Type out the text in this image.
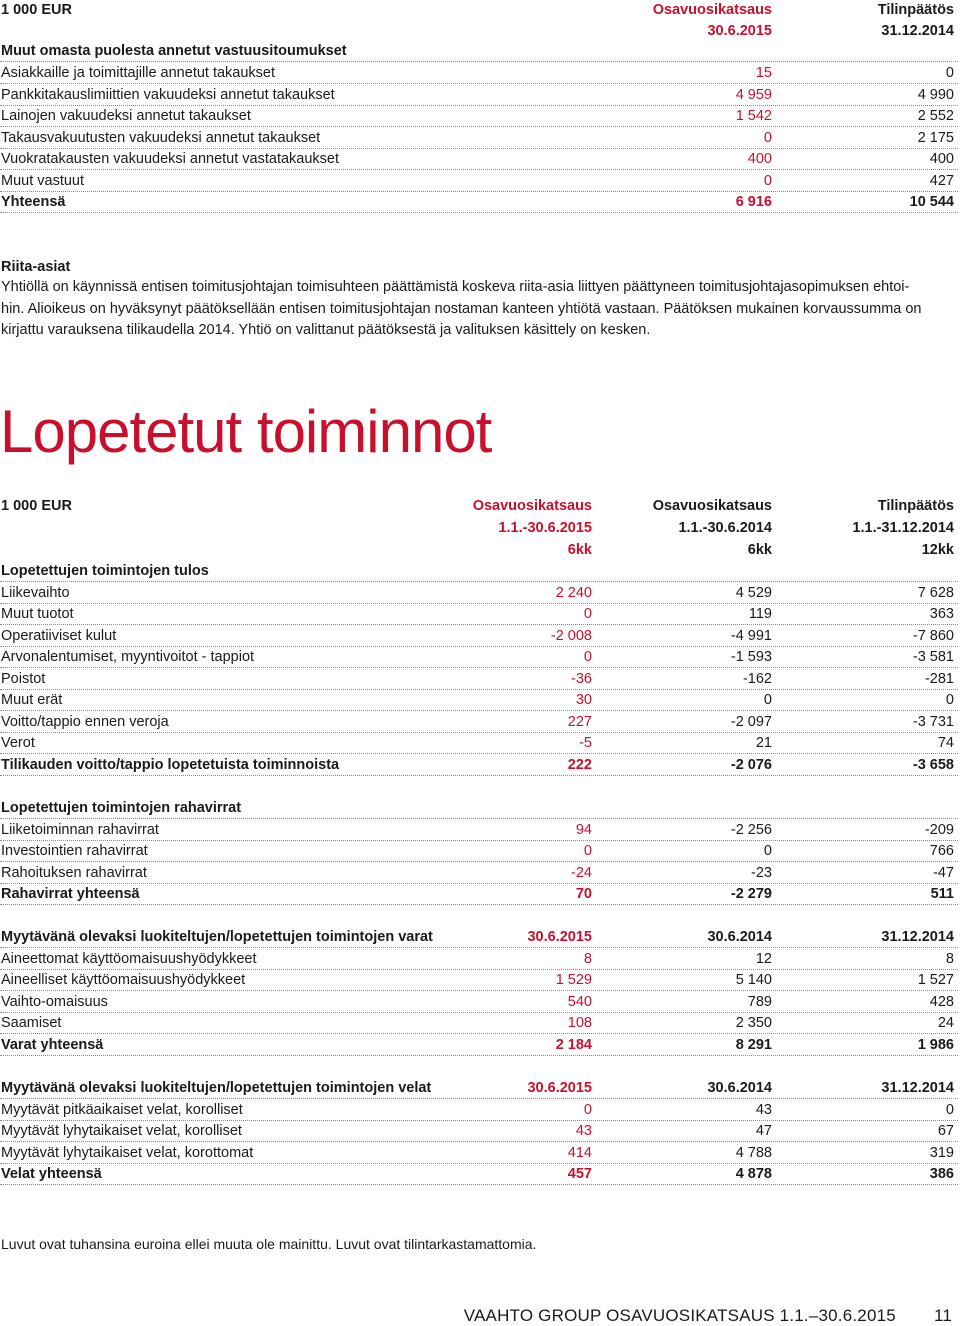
1 000 EUR	Osavuosikatsaus	Tilinpäätös
30.6.2015	31.12.2014
Muut omasta puolesta annetut vastuusitoumukset
Asiakkaille ja toimittajille annetut takaukset	15	0
Pankkitakauslimiittien vakuudeksi annetut takaukset	4 959	4 990
Lainojen vakuudeksi annetut takaukset	1 542	2 552
Takausvakuutusten vakuudeksi annetut takaukset	0	2 175
Vuokratakausten vakuudeksi annetut vastatakaukset	400	400
Muut vastuut	0	427
Yhteensä	6 916	10 544
Riita-asiat
Yhtiöllä on käynnissä entisen toimitusjohtajan toimisuhteen päättämistä koskeva riita-asia liittyen päättyneen toimitusjohtajasopimuksen ehtoi-
hin. Alioikeus on hyväksynyt päätöksellään entisen toimitusjohtajan nostaman kanteen yhtiötä vastaan. Päätöksen mukainen korvaussumma on
kirjattu varauksena tilikaudella 2014. Yhtiö on valittanut päätöksestä ja valituksen käsittely on kesken.
Lopetetut toiminnot
1 000 EUR	Osavuosikatsaus	Osavuosikatsaus	Tilinpäätös
1.1.-30.6.2015	1.1.-30.6.2014	1.1.-31.12.2014
6kk	6kk	12kk
Lopetettujen toimintojen tulos
Liikevaihto	2 240	4 529	7 628
Muut tuotot	0	119	363
Operatiiviset kulut	-2 008	-4 991	-7 860
Arvonalentumiset, myyntivoitot - tappiot	0	-1 593	-3 581
Poistot	-36	-162	-281
Muut erät	30	0	0
Voitto/tappio ennen veroja	227	-2 097	-3 731
Verot	-5	21	74
Tilikauden voitto/tappio lopetetuista toiminnoista	222	-2 076	-3 658
Lopetettujen toimintojen rahavirrat
Liiketoiminnan rahavirrat	94	-2 256	-209
Investointien rahavirrat	0	0	766
Rahoituksen rahavirrat	-24	-23	-47
Rahavirrat yhteensä	70	-2 279	511
Myytävänä olevaksi luokiteltujen/lopetettujen toimintojen varat	30.6.2015	30.6.2014	31.12.2014
Aineettomat käyttöomaisuushyödykkeet	8	12	8
Aineelliset käyttöomaisuushyödykkeet	1 529	5 140	1 527
Vaihto-omaisuus	540	789	428
Saamiset	108	2 350	24
Varat yhteensä	2 184	8 291	1 986
Myytävänä olevaksi luokiteltujen/lopetettujen toimintojen velat	30.6.2015	30.6.2014	31.12.2014
Myytävät pitkäaikaiset velat, korolliset	0	43	0
Myytävät lyhytaikaiset velat, korolliset	43	47	67
Myytävät lyhytaikaiset velat, korottomat	414	4 788	319
Velat yhteensä	457	4 878	386
Luvut ovat tuhansina euroina ellei muuta ole mainittu. Luvut ovat tilintarkastamattomia.
VAAHTO GROUP OSAVUOSIKATSAUS 1.1.–30.6.2015 11
